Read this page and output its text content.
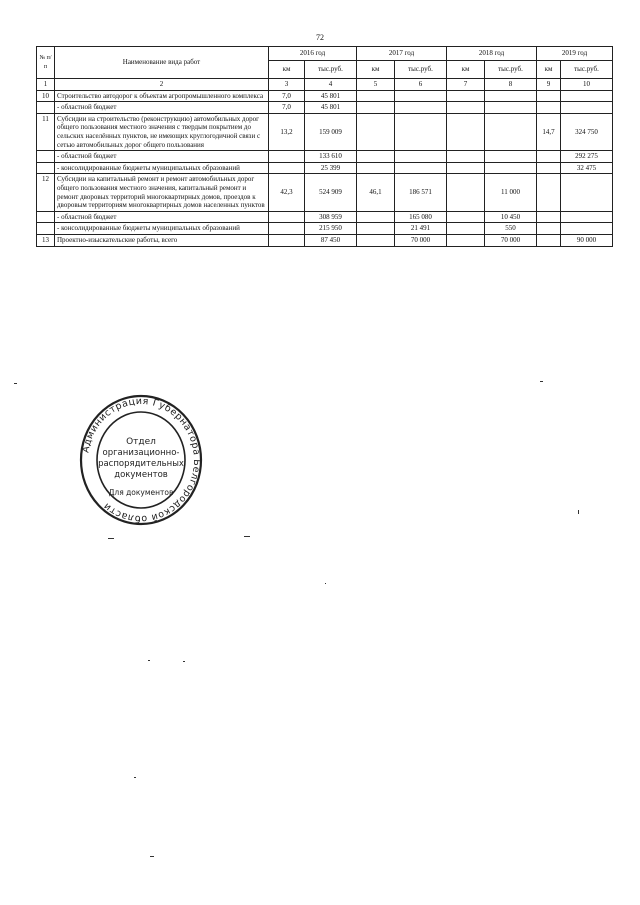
72
№ п/п	Наименование вида работ	2016 год		2017 год		2018 год		2019 год	
		км	тыс.руб.	км	тыс.руб.	км	тыс.руб.	км	тыс.руб.
1	2	3	4	5	6	7	8	9	10
10	Строительство автодорог к объектам агропромышленного комплекса	7,0	45 801						
	- областной бюджет	7,0	45 801						
11	Субсидии на строительство (реконструкцию) автомобильных дорог общего пользования местного значения с твердым покрытием до сельских населённых пунктов, не имеющих круглогодичной связи с сетью автомобильных дорог общего пользования	13,2	159 009					14,7	324 750
	- областной бюджет		133 610						292 275
	- консолидированные бюджеты муниципальных образований		25 399						32 475
12	Субсидии на капитальный ремонт и ремонт автомобильных дорог общего пользования местного значения, капитальный ремонт и ремонт дворовых территорий многоквартирных домов, проездов к дворовым территориям многоквартирных домов населенных пунктов	42,3	524 909	46,1	186 571		11 000		
	- областной бюджет		308 959		165 080		10 450		
	- консолидированные бюджеты муниципальных образований		215 950		21 491		550		
13	Проектно-изыскательские работы, всего		87 450		70 000		70 000		90 000
Администрация Губернатора Белгородской области
Отдел
организационно-
распорядительных
документов
Для документов
